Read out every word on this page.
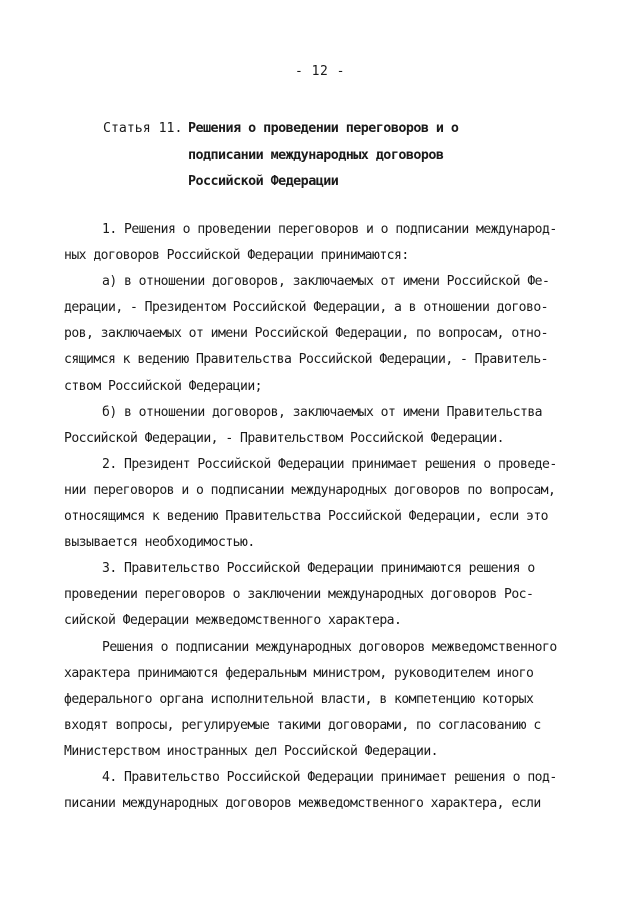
- 12 -
Статья 11. Решения о проведении переговоров и о
подписании международных договоров
Российской Федерации

1. Решения о проведении переговоров и о подписании международ-
ных договоров Российской Федерации принимаются:

а) в отношении договоров, заключаемых от имени Российской Фе-
дерации, - Президентом Российской Федерации, а в отношении догово-
ров, заключаемых от имени Российской Федерации, по вопросам, отно-
сящимся к ведению Правительства Российской Федерации, - Правитель-
ством Российской Федерации;

б) в отношении договоров, заключаемых от имени Правительства
Российской Федерации, - Правительством Российской Федерации.

2. Президент Российской Федерации принимает решения о проведе-
нии переговоров и о подписании международных договоров по вопросам,
относящимся к ведению Правительства Российской Федерации, если это
вызывается необходимостью.

3. Правительство Российской Федерации принимаются решения о
проведении переговоров о заключении международных договоров Рос-
сийской Федерации межведомственного характера.

Решения о подписании международных договоров межведомственного
характера принимаются федеральным министром, руководителем иного
федерального органа исполнительной власти, в компетенцию которых
входят вопросы, регулируемые такими договорами, по согласованию с
Министерством иностранных дел Российской Федерации.

4. Правительство Российской Федерации принимает решения о под-
писании международных договоров межведомственного характера, если
